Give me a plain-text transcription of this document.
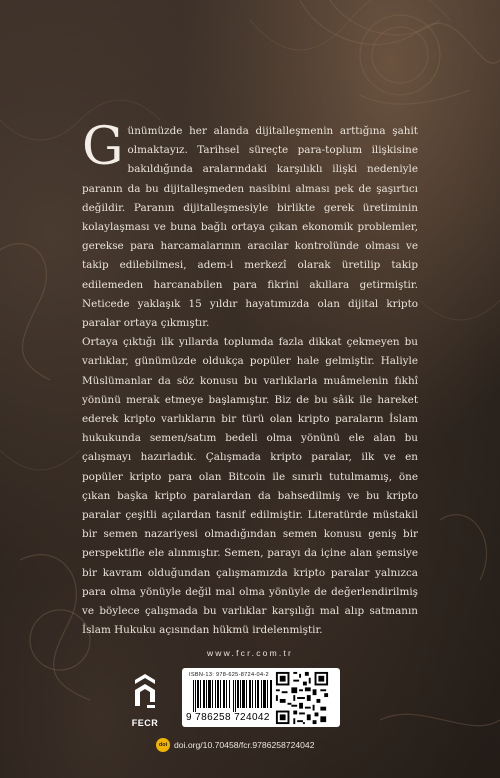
Günümüzde her alanda dijitalleşmenin arttığına şahit olmaktayız. Tarihsel süreçte para-toplum ilişkisine bakıldığında aralarındaki karşılıklı ilişki nedeniyle paranın da bu dijitalleşmeden nasibini alması pek de şaşırtıcı değildir. Paranın dijitalleşmesiyle birlikte gerek üretiminin kolaylaşması ve buna bağlı ortaya çıkan ekonomik problemler, gerekse para harcamalarının aracılar kontrolünde olması ve takip edilebilmesi, adem-i merkezî olarak üretilip takip edilemeden harcanabilen para fikrini akıllara getirmiştir. Neticede yaklaşık 15 yıldır hayatımızda olan dijital kripto paralar ortaya çıkmıştır.

Ortaya çıktığı ilk yıllarda toplumda fazla dikkat çekmeyen bu varlıklar, günümüzde oldukça popüler hale gelmiştir. Haliyle Müslümanlar da söz konusu bu varlıklarla muâmelenin fıkhî yönünü merak etmeye başlamıştır. Biz de bu sâik ile hareket ederek kripto varlıkların bir türü olan kripto paraların İslam hukukunda semen/satım bedeli olma yönünü ele alan bu çalışmayı hazırladık. Çalışmada kripto paralar, ilk ve en popüler kripto para olan Bitcoin ile sınırlı tutulmamış, öne çıkan başka kripto paralardan da bahsedilmiş ve bu kripto paralar çeşitli açılardan tasnif edilmiştir. Literatürde müstakil bir semen nazariyesi olmadığından semen konusu geniş bir perspektifle ele alınmıştır. Semen, parayı da içine alan şemsiye bir kavram olduğundan çalışmamızda kripto paralar yalnızca para olma yönüyle değil mal olma yönüyle de değerlendirilmiş ve böylece çalışmada bu varlıklar karşılığı mal alıp satmanın İslam Hukuku açısından hükmü irdelenmiştir.

www.fcr.com.tr
FECR
ISBN-13: 978-625-8724-04-2
9 786258 724042
doi doi.org/10.70458/fcr.9786258724042
